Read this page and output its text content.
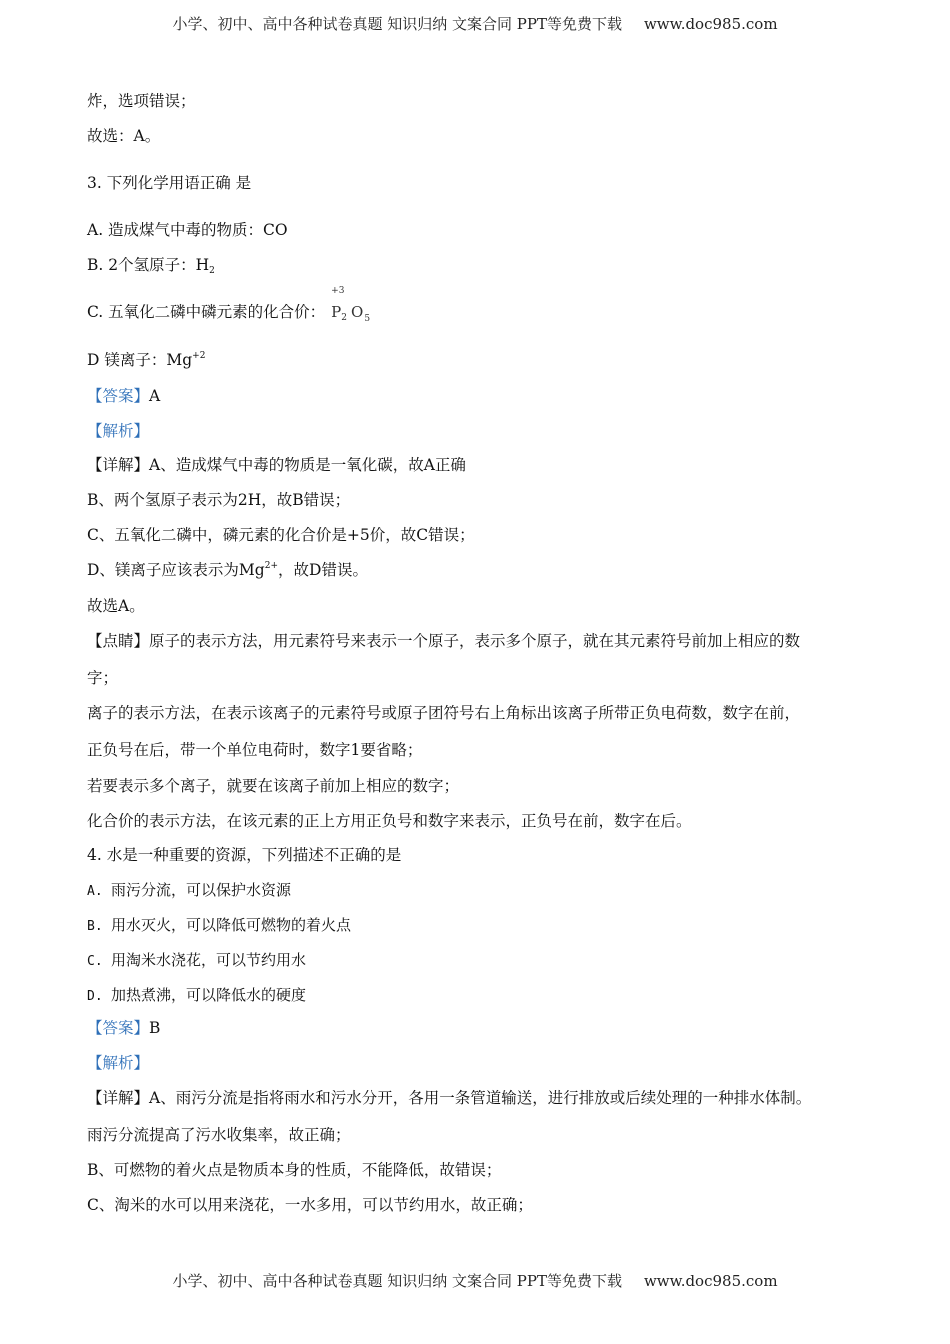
小学、初中、高中各种试卷真题 知识归纳 文案合同 PPT等免费下载 www.doc985.com
炸，选项错误；
故选：A。
3. 下列化学用语正确 是
A. 造成煤气中毒的物质：CO
B. 2个氢原子：$H_2$
C. 五氧化二磷中磷元素的化合价：
+3
$P_2$ $O_5$
D 镁离子：$Mg^{+2}$
【答案】A
【解析】
【详解】A、造成煤气中毒的物质是一氧化碳，故A正确
B、两个氢原子表示为2H，故B错误；
C、五氧化二磷中，磷元素的化合价是+5价，故C错误；
D、镁离子应该表示为$Mg^{2+}$，故D错误。
故选A。
【点睛】原子的表示方法，用元素符号来表示一个原子，表示多个原子，就在其元素符号前加上相应的数
字；
离子的表示方法，在表示该离子的元素符号或原子团符号右上角标出该离子所带正负电荷数，数字在前，
正负号在后，带一个单位电荷时，数字1要省略；
若要表示多个离子，就要在该离子前加上相应的数字；
化合价的表示方法，在该元素的正上方用正负号和数字来表示，正负号在前，数字在后。
4. 水是一种重要的资源，下列描述不正确的是
A. 雨污分流，可以保护水资源
B. 用水灭火，可以降低可燃物的着火点
C. 用淘米水浇花，可以节约用水
D. 加热煮沸，可以降低水的硬度
【答案】B
【解析】
【详解】A、雨污分流是指将雨水和污水分开，各用一条管道输送，进行排放或后续处理的一种排水体制。
雨污分流提高了污水收集率，故正确；
B、可燃物的着火点是物质本身的性质，不能降低，故错误；
C、淘米的水可以用来浇花，一水多用，可以节约用水，故正确；
小学、初中、高中各种试卷真题 知识归纳 文案合同 PPT等免费下载 www.doc985.com
